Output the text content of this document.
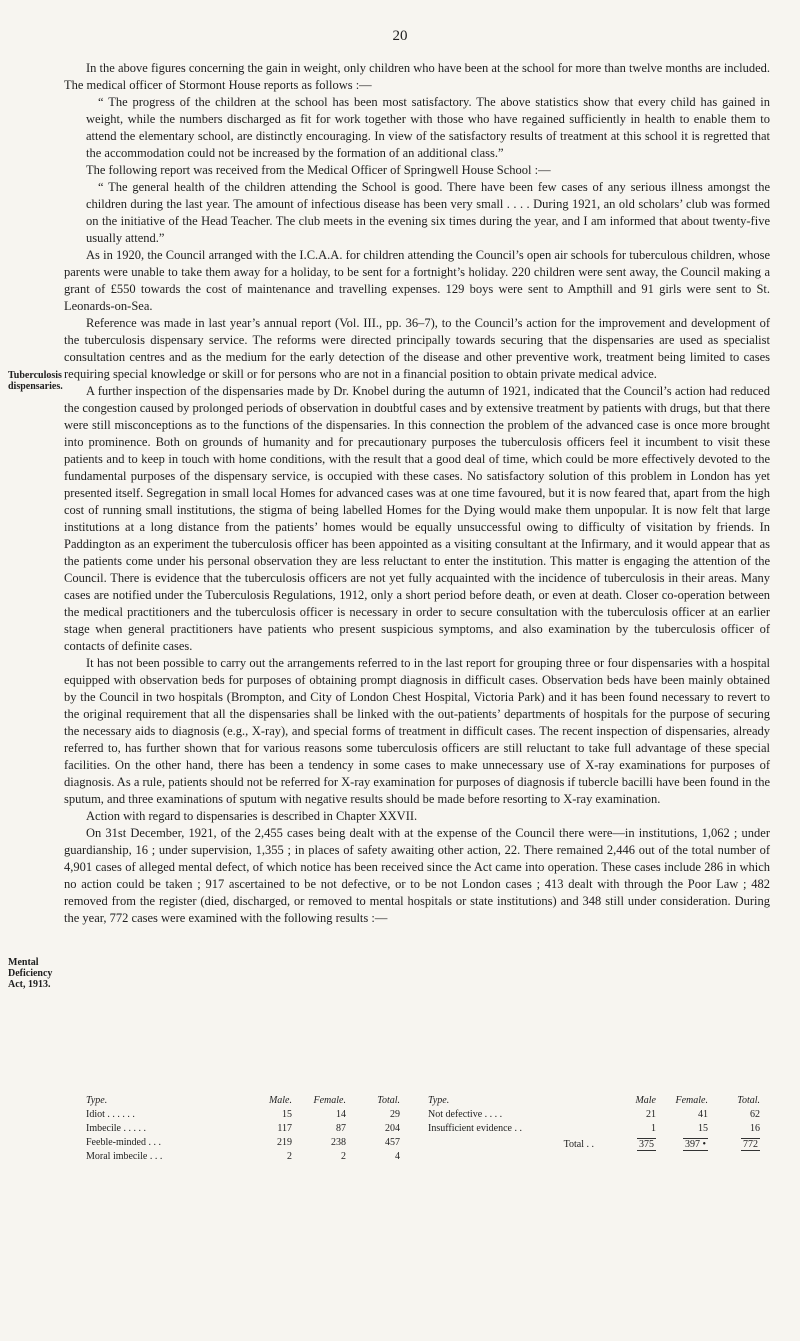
20
Tuberculosis dispensaries.
Mental Deficiency Act, 1913.

In the above figures concerning the gain in weight, only children who have been at the school for more than twelve months are included. The medical officer of Stormont House reports as follows :—

“ The progress of the children at the school has been most satisfactory. The above statistics show that every child has gained in weight, while the numbers discharged as fit for work together with those who have regained sufficiently in health to enable them to attend the elementary school, are distinctly encouraging. In view of the satisfactory results of treatment at this school it is regretted that the accommodation could not be increased by the formation of an additional class.”

The following report was received from the Medical Officer of Springwell House School :—

“ The general health of the children attending the School is good. There have been few cases of any serious illness amongst the children during the last year. The amount of infectious disease has been very small . . . . During 1921, an old scholars’ club was formed on the initiative of the Head Teacher. The club meets in the evening six times during the year, and I am informed that about twenty-five usually attend.”

As in 1920, the Council arranged with the I.C.A.A. for children attending the Council’s open air schools for tuberculous children, whose parents were unable to take them away for a holiday, to be sent for a fortnight’s holiday. 220 children were sent away, the Council making a grant of £550 towards the cost of maintenance and travelling expenses. 129 boys were sent to Ampthill and 91 girls were sent to St. Leonards-on-Sea.

Reference was made in last year’s annual report (Vol. III., pp. 36–7), to the Council’s action for the improvement and development of the tuberculosis dispensary service. The reforms were directed principally towards securing that the dispensaries are used as specialist consultation centres and as the medium for the early detection of the disease and other preventive work, treatment being limited to cases requiring special knowledge or skill or for persons who are not in a financial position to obtain private medical advice.

A further inspection of the dispensaries made by Dr. Knobel during the autumn of 1921, indicated that the Council’s action had reduced the congestion caused by prolonged periods of observation in doubtful cases and by extensive treatment by patients with drugs, but that there were still misconceptions as to the functions of the dispensaries. In this connection the problem of the advanced case is once more brought into prominence. Both on grounds of humanity and for precautionary purposes the tuberculosis officers feel it incumbent to visit these patients and to keep in touch with home conditions, with the result that a good deal of time, which could be more effectively devoted to the fundamental purposes of the dispensary service, is occupied with these cases. No satisfactory solution of this problem in London has yet presented itself. Segregation in small local Homes for advanced cases was at one time favoured, but it is now feared that, apart from the high cost of running small institutions, the stigma of being labelled Homes for the Dying would make them unpopular. It is now felt that large institutions at a long distance from the patients’ homes would be equally unsuccessful owing to difficulty of visitation by friends. In Paddington as an experiment the tuberculosis officer has been appointed as a visiting consultant at the Infirmary, and it would appear that as the patients come under his personal observation they are less reluctant to enter the institution. This matter is engaging the attention of the Council. There is evidence that the tuberculosis officers are not yet fully acquainted with the incidence of tuberculosis in their areas. Many cases are notified under the Tuberculosis Regulations, 1912, only a short period before death, or even at death. Closer co-operation between the medical practitioners and the tuberculosis officer is necessary in order to secure consultation with the tuberculosis officer at an earlier stage when general practitioners have patients who present suspicious symptoms, and also examination by the tuberculosis officer of contacts of definite cases.

It has not been possible to carry out the arrangements referred to in the last report for grouping three or four dispensaries with a hospital equipped with observation beds for purposes of obtaining prompt diagnosis in difficult cases. Observation beds have been mainly obtained by the Council in two hospitals (Brompton, and City of London Chest Hospital, Victoria Park) and it has been found necessary to revert to the original requirement that all the dispensaries shall be linked with the out-patients’ departments of hospitals for the purpose of securing the necessary aids to diagnosis (e.g., X-ray), and special forms of treatment in difficult cases. The recent inspection of dispensaries, already referred to, has further shown that for various reasons some tuberculosis officers are still reluctant to take full advantage of these special facilities. On the other hand, there has been a tendency in some cases to make unnecessary use of X-ray examinations for purposes of diagnosis. As a rule, patients should not be referred for X-ray examination for purposes of diagnosis if tubercle bacilli have been found in the sputum, and three examinations of sputum with negative results should be made before resorting to X-ray examination.

Action with regard to dispensaries is described in Chapter XXVII.

On 31st December, 1921, of the 2,455 cases being dealt with at the expense of the Council there were—in institutions, 1,062 ; under guardianship, 16 ; under supervision, 1,355 ; in places of safety awaiting other action, 22. There remained 2,446 out of the total number of 4,901 cases of alleged mental defect, of which notice has been received since the Act came into operation. These cases include 286 in which no action could be taken ; 917 ascertained to be not defective, or to be not London cases ; 413 dealt with through the Poor Law ; 482 removed from the register (died, discharged, or removed to mental hospitals or state institutions) and 348 still under consideration. During the year, 772 cases were examined with the following results :—

Type.	Male.	Female.	Total.
Idiot . . . . . .	15	14	29
Imbecile . . . . .	117	87	204
Feeble-minded . . .	219	238	457
Moral imbecile . . .	2	2	4
Type.	Male	Female.	Total.
Not defective . . . .	21	41	62
Insufficient evidence . .	1	15	16
Total . .	375	397 •	772
